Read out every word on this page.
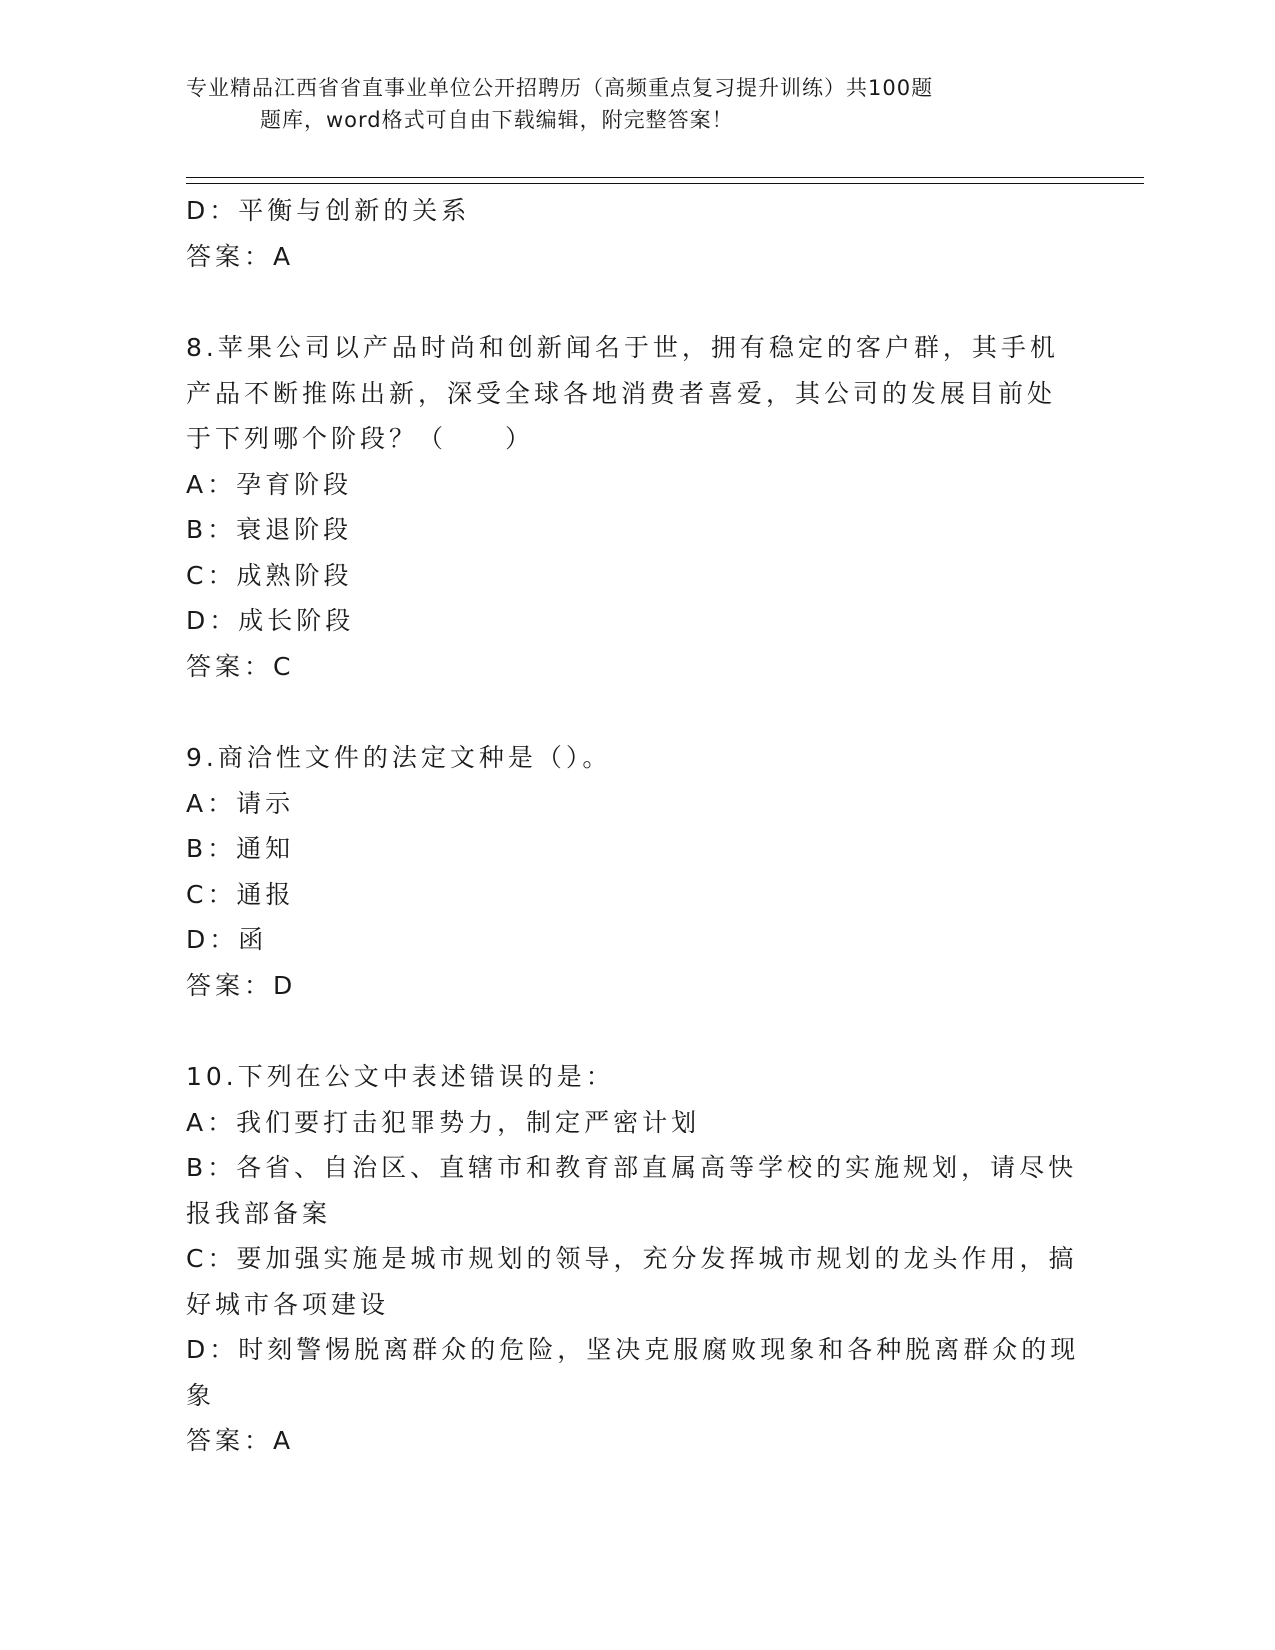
专业精品江西省省直事业单位公开招聘历（高频重点复习提升训练）共100题
题库，word格式可自由下载编辑，附完整答案！
D：平衡与创新的关系
答案：A
8.苹果公司以产品时尚和创新闻名于世，拥有稳定的客户群，其手机
产品不断推陈出新，深受全球各地消费者喜爱，其公司的发展目前处
于下列哪个阶段？（　　）
A：孕育阶段
B：衰退阶段
C：成熟阶段
D：成长阶段
答案：C
9.商洽性文件的法定文种是（）。
A：请示
B：通知
C：通报
D：函
答案：D
10.下列在公文中表述错误的是：
A：我们要打击犯罪势力，制定严密计划
B：各省、自治区、直辖市和教育部直属高等学校的实施规划，请尽快
报我部备案
C：要加强实施是城市规划的领导，充分发挥城市规划的龙头作用，搞
好城市各项建设
D：时刻警惕脱离群众的危险，坚决克服腐败现象和各种脱离群众的现
象
答案：A
